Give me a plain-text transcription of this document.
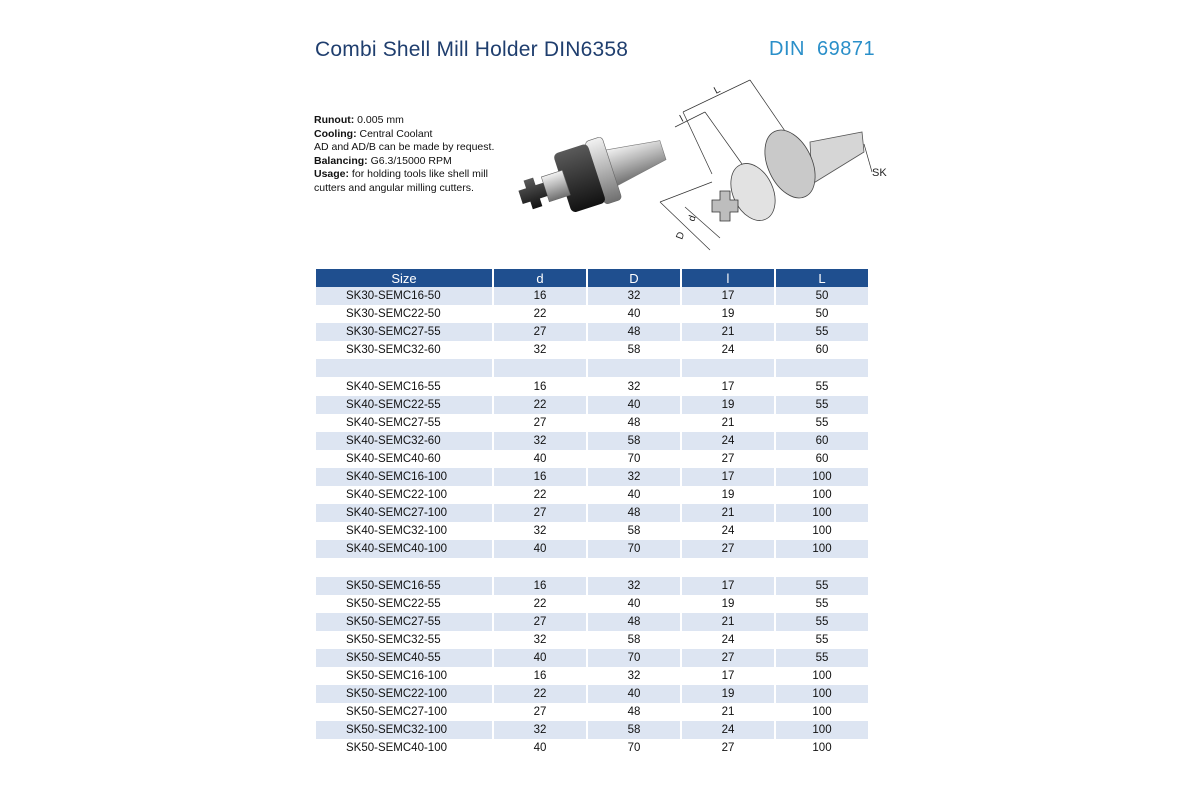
Combi Shell Mill Holder DIN6358	DIN 69871
Runout: 0.005 mm
Cooling: Central Coolant
AD and AD/B can be made by request.
Balancing: G6.3/15000 RPM
Usage: for holding tools like shell mill cutters and angular milling cutters.
L
l
d
D
SK
Size	d	D	l	L
SK30-SEMC16-50	16	32	17	50
SK30-SEMC22-50	22	40	19	50
SK30-SEMC27-55	27	48	21	55
SK30-SEMC32-60	32	58	24	60

SK40-SEMC16-55	16	32	17	55
SK40-SEMC22-55	22	40	19	55
SK40-SEMC27-55	27	48	21	55
SK40-SEMC32-60	32	58	24	60
SK40-SEMC40-60	40	70	27	60
SK40-SEMC16-100	16	32	17	100
SK40-SEMC22-100	22	40	19	100
SK40-SEMC27-100	27	48	21	100
SK40-SEMC32-100	32	58	24	100
SK40-SEMC40-100	40	70	27	100

SK50-SEMC16-55	16	32	17	55
SK50-SEMC22-55	22	40	19	55
SK50-SEMC27-55	27	48	21	55
SK50-SEMC32-55	32	58	24	55
SK50-SEMC40-55	40	70	27	55
SK50-SEMC16-100	16	32	17	100
SK50-SEMC22-100	22	40	19	100
SK50-SEMC27-100	27	48	21	100
SK50-SEMC32-100	32	58	24	100
SK50-SEMC40-100	40	70	27	100
